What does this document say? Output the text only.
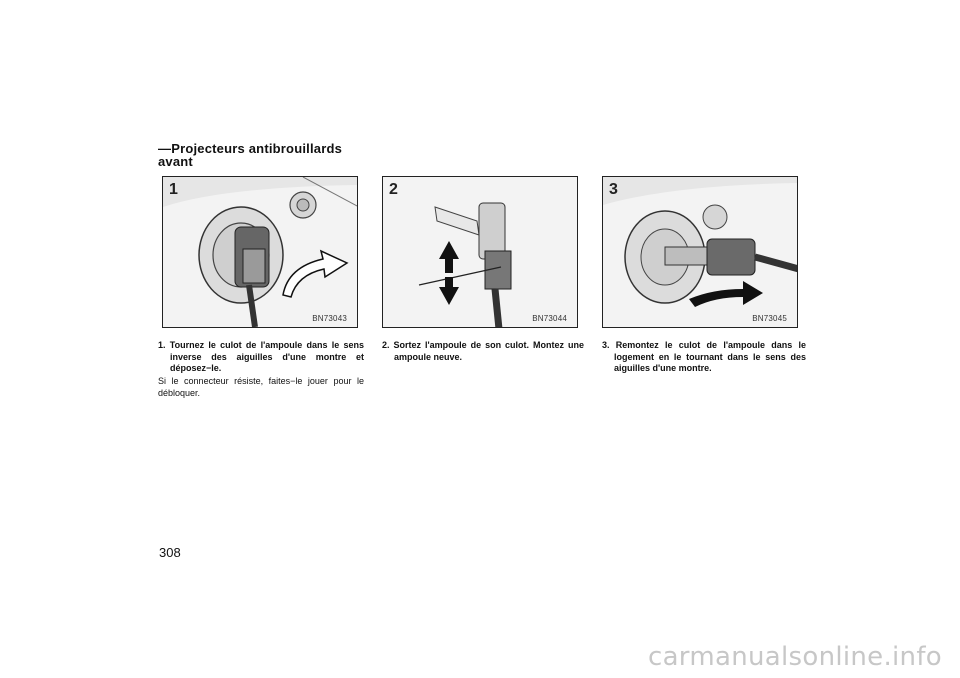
—Projecteurs antibrouillards avant
1
BN73043
2
BN73044
3
BN73045
1. Tournez le culot de l'ampoule dans le sens inverse des aiguilles d'une montre et déposez−le.
2. Sortez l'ampoule de son culot. Montez une ampoule neuve.
3. Remontez le culot de l'ampoule dans le logement en le tournant dans le sens des aiguilles d'une montre.
Si le connecteur résiste, faites−le jouer pour le débloquer.
308
carmanualsonline.info
